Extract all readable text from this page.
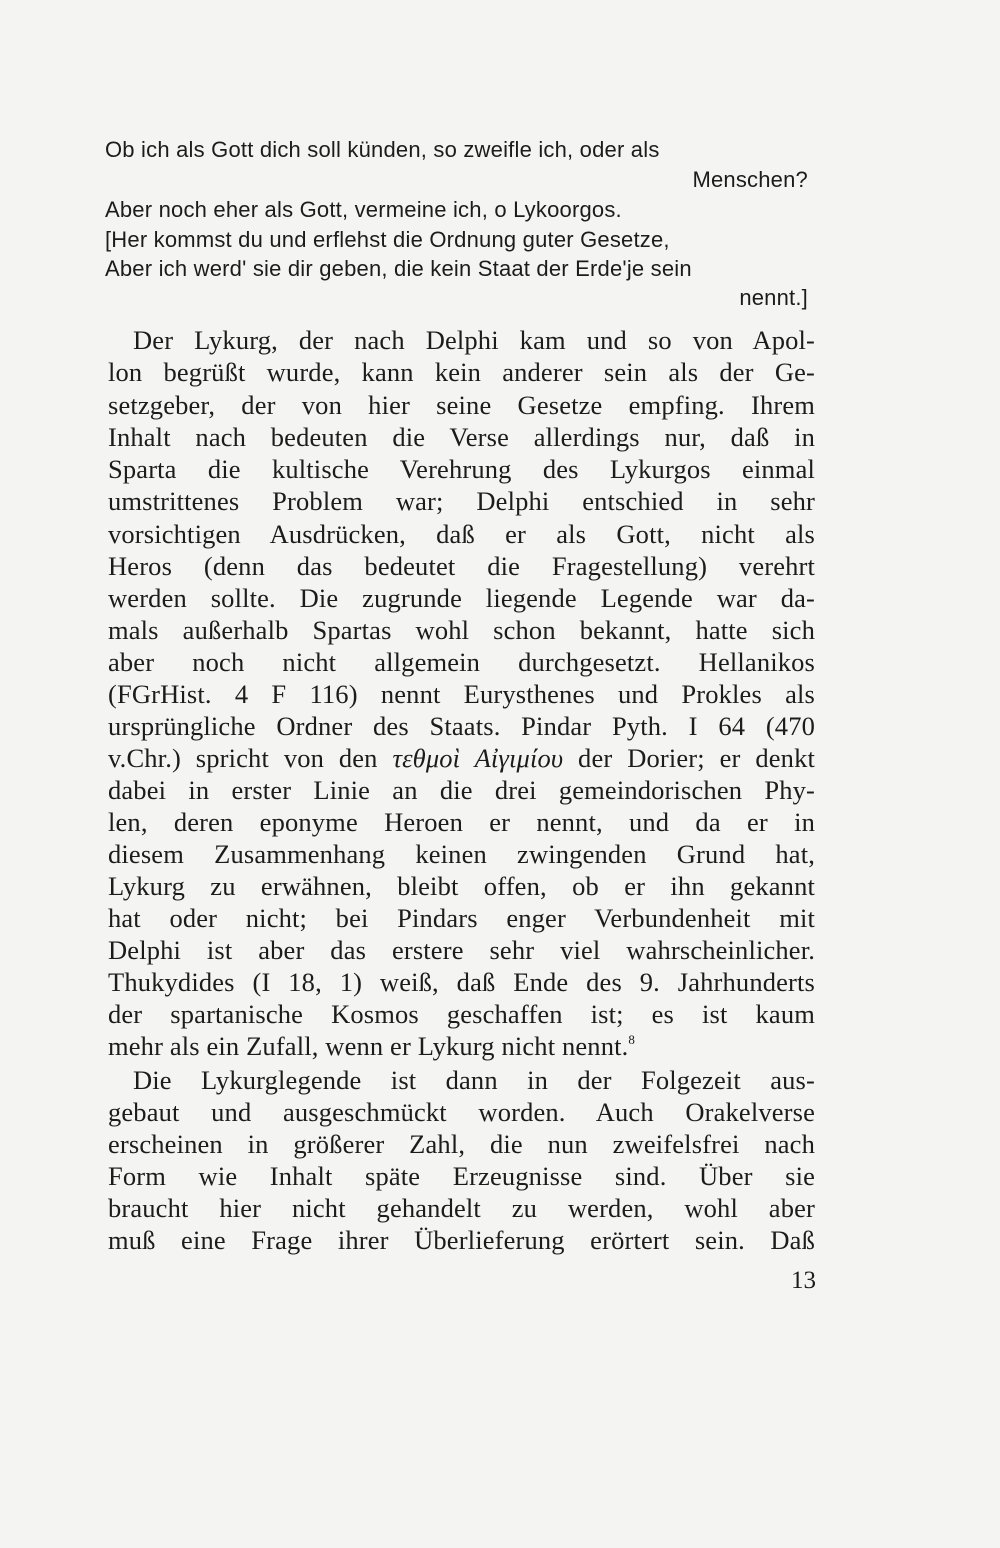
Ob ich als Gott dich soll künden, so zweifle ich, oder als
Menschen?
Aber noch eher als Gott, vermeine ich, o Lykoorgos.
[Her kommst du und erflehst die Ordnung guter Gesetze,
Aber ich werd' sie dir geben, die kein Staat der Erde'je sein
nennt.]
Der Lykurg, der nach Delphi kam und so von Apol-
lon begrüßt wurde, kann kein anderer sein als der Ge-
setzgeber, der von hier seine Gesetze empfing. Ihrem
Inhalt nach bedeuten die Verse allerdings nur, daß in
Sparta die kultische Verehrung des Lykurgos einmal
umstrittenes Problem war; Delphi entschied in sehr
vorsichtigen Ausdrücken, daß er als Gott, nicht als
Heros (denn das bedeutet die Fragestellung) verehrt
werden sollte. Die zugrunde liegende Legende war da-
mals außerhalb Spartas wohl schon bekannt, hatte sich
aber noch nicht allgemein durchgesetzt. Hellanikos
(FGrHist. 4 F 116) nennt Eurysthenes und Prokles als
ursprüngliche Ordner des Staats. Pindar Pyth. I 64 (470
v.Chr.) spricht von den τεθμοὶ Αἰγιμίου der Dorier; er denkt
dabei in erster Linie an die drei gemeindorischen Phy-
len, deren eponyme Heroen er nennt, und da er in
diesem Zusammenhang keinen zwingenden Grund hat,
Lykurg zu erwähnen, bleibt offen, ob er ihn gekannt
hat oder nicht; bei Pindars enger Verbundenheit mit
Delphi ist aber das erstere sehr viel wahrscheinlicher.
Thukydides (I 18, 1) weiß, daß Ende des 9. Jahrhunderts
der spartanische Kosmos geschaffen ist; es ist kaum
mehr als ein Zufall, wenn er Lykurg nicht nennt.$^8$
Die Lykurglegende ist dann in der Folgezeit aus-
gebaut und ausgeschmückt worden. Auch Orakelverse
erscheinen in größerer Zahl, die nun zweifelsfrei nach
Form wie Inhalt späte Erzeugnisse sind. Über sie
braucht hier nicht gehandelt zu werden, wohl aber
muß eine Frage ihrer Überlieferung erörtert sein. Daß
13
